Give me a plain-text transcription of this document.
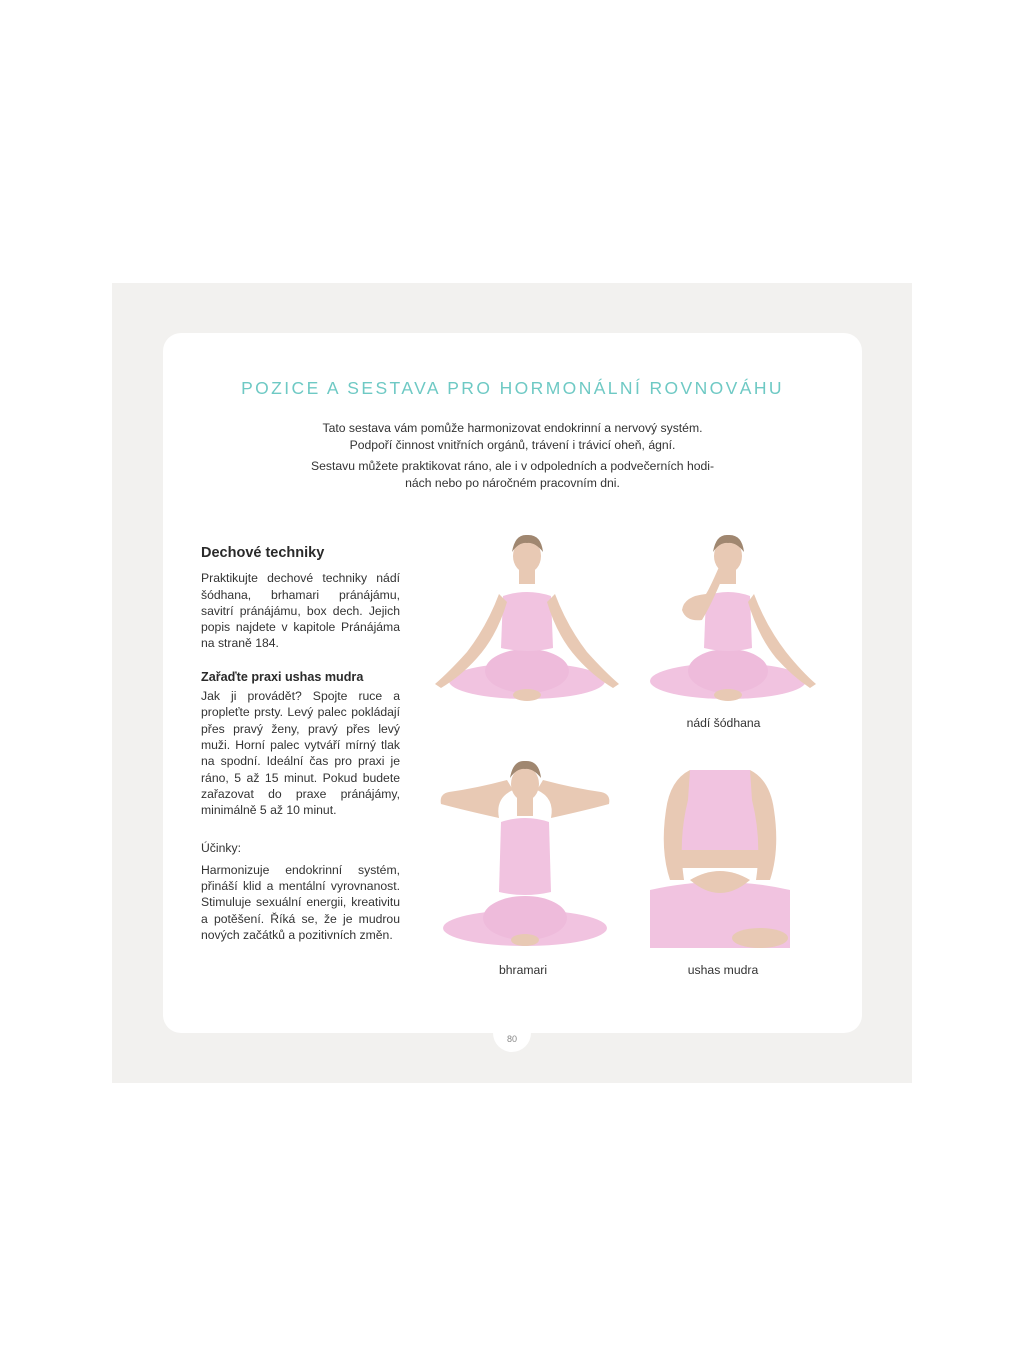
POZICE A SESTAVA PRO HORMONÁLNÍ ROVNOVÁHU

Tato sestava vám pomůže harmonizovat endokrinní a nervový systém.

Podpoří činnost vnitřních orgánů, trávení i trávicí oheň, ágní.

Sestavu můžete praktikovat ráno, ale i v odpoledních a podvečerních hodi-

nách nebo po náročném pracovním dni.

Dechové techniky

Praktikujte dechové techniky nádí šódhana, brhamari pránájámu, savitrí pránájámu, box dech. Jejich popis najdete v kapitole Pránájáma na straně 184.

Zařaďte praxi ushas mudra

Jak ji provádět? Spojte ruce a propleťte prsty. Levý palec pokládají přes pravý ženy, pravý přes levý muži. Horní palec vytváří mírný tlak na spodní. Ideální čas pro praxi je ráno, 5 až 15 minut. Pokud budete zařazovat do praxe pránájámy, minimálně 5 až 10 minut.

Účinky:

Harmonizuje endokrinní systém, přináší klid a mentální vyrovnanost. Stimuluje sexuální energii, kreativitu a potěšení. Říká se, že je mudrou nových začátků a pozitivních změn.

nádí šódhana
bhramari	ushas mudra
80
